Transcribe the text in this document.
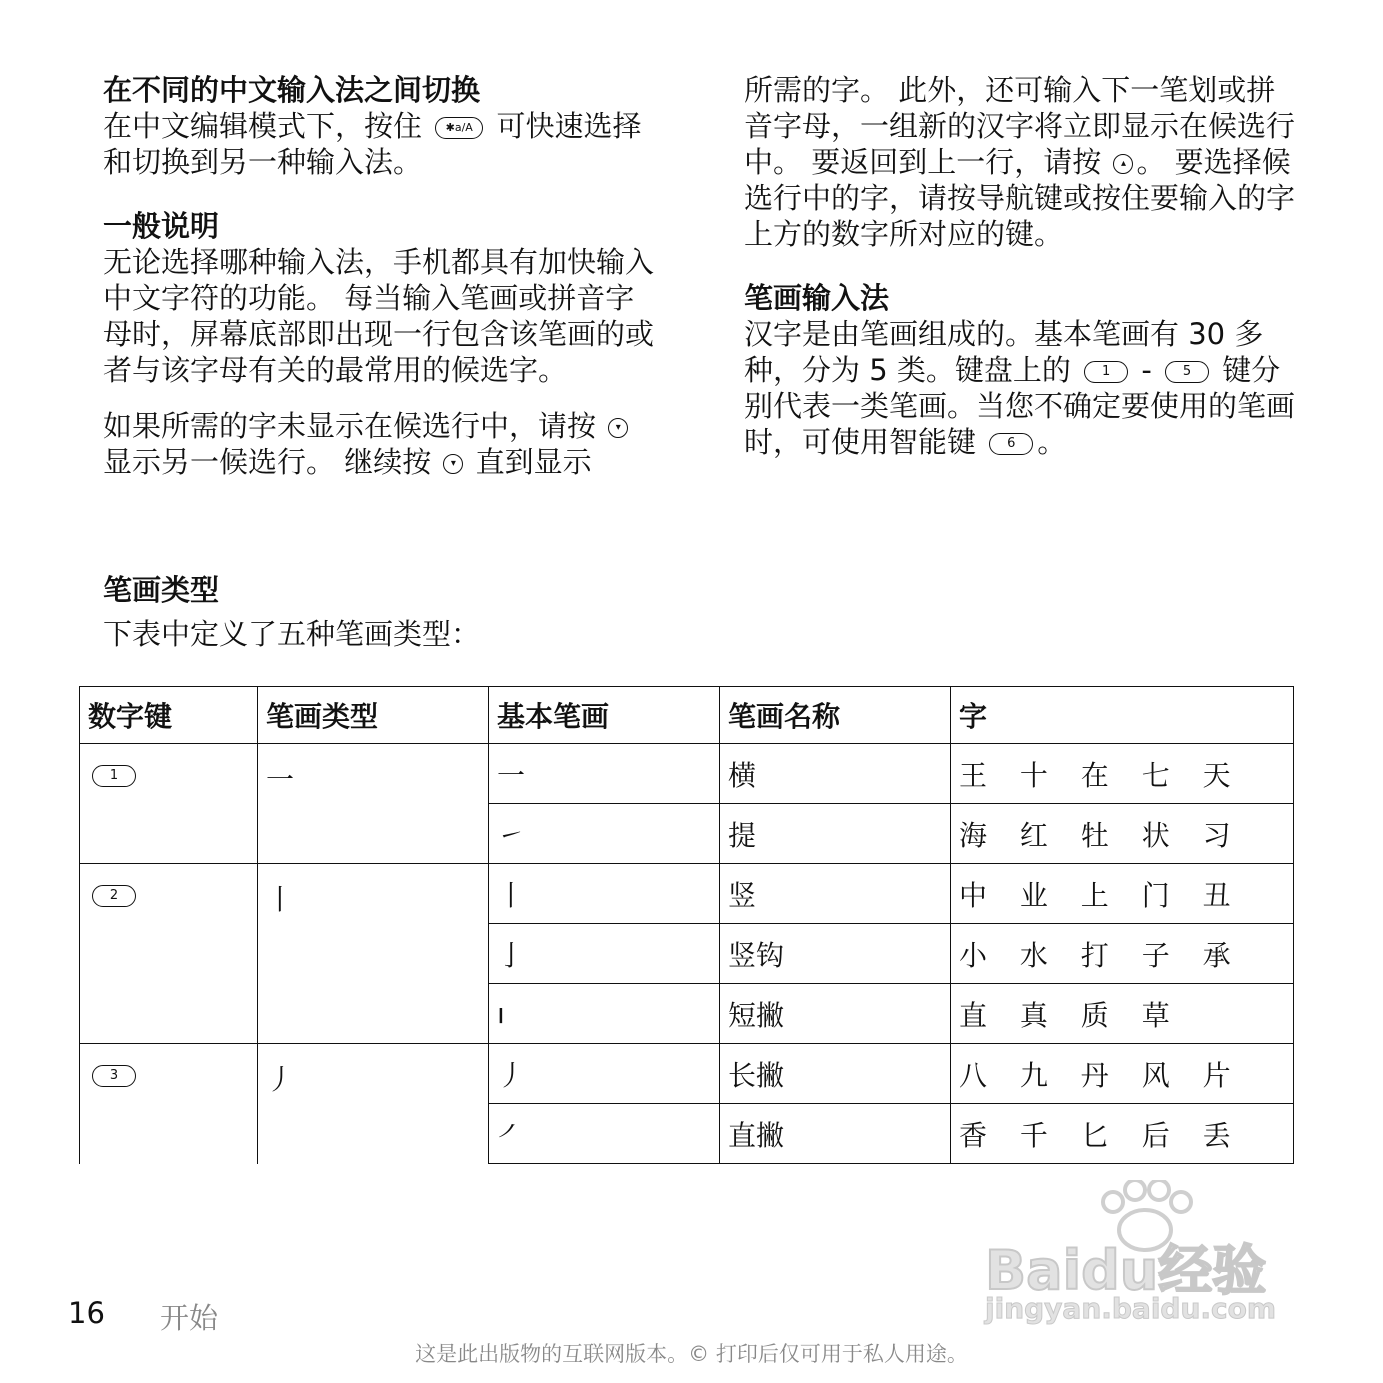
在不同的中文输入法之间切换

在中文编辑模式下，按住 ✱a/A 可快速选择和切换到另一种输入法。

一般说明

无论选择哪种输入法，手机都具有加快输入中文字符的功能。 每当输入笔画或拼音字母时，屏幕底部即出现一行包含该笔画的或者与该字母有关的最常用的候选字。

如果所需的字未显示在候选行中，请按 ▾ 显示另一候选行。 继续按 ▾ 直到显示

所需的字。 此外，还可输入下一笔划或拼音字母，一组新的汉字将立即显示在候选行中。 要返回到上一行，请按 ▴ 。 要选择候选行中的字，请按导航键或按住要输入的字上方的数字所对应的键。

笔画输入法

汉字是由笔画组成的。基本笔画有 30 多种，分为 5 类。键盘上的 1 - 5 键分别代表一类笔画。当您不确定要使用的笔画时，可使用智能键 6 。

笔画类型

下表中定义了五种笔画类型：

数字键	笔画类型	基本笔画	笔画名称	字
1	一	一	横	王 十 在 七 天
		㇀	提	海 红 牡 状 习
2	丨	丨	竖	中 业 上 门 丑
		亅	竖钩	小 水 打 子 承
		ı	短撇	直 真 质 草
3	丿	丿	长撇	八 九 丹 风 片
		㇒	直撇	香 千 匕 后 丢
Baidu经验
jingyan.baidu.com
16 开始
这是此出版物的互联网版本。© 打印后仅可用于私人用途。
